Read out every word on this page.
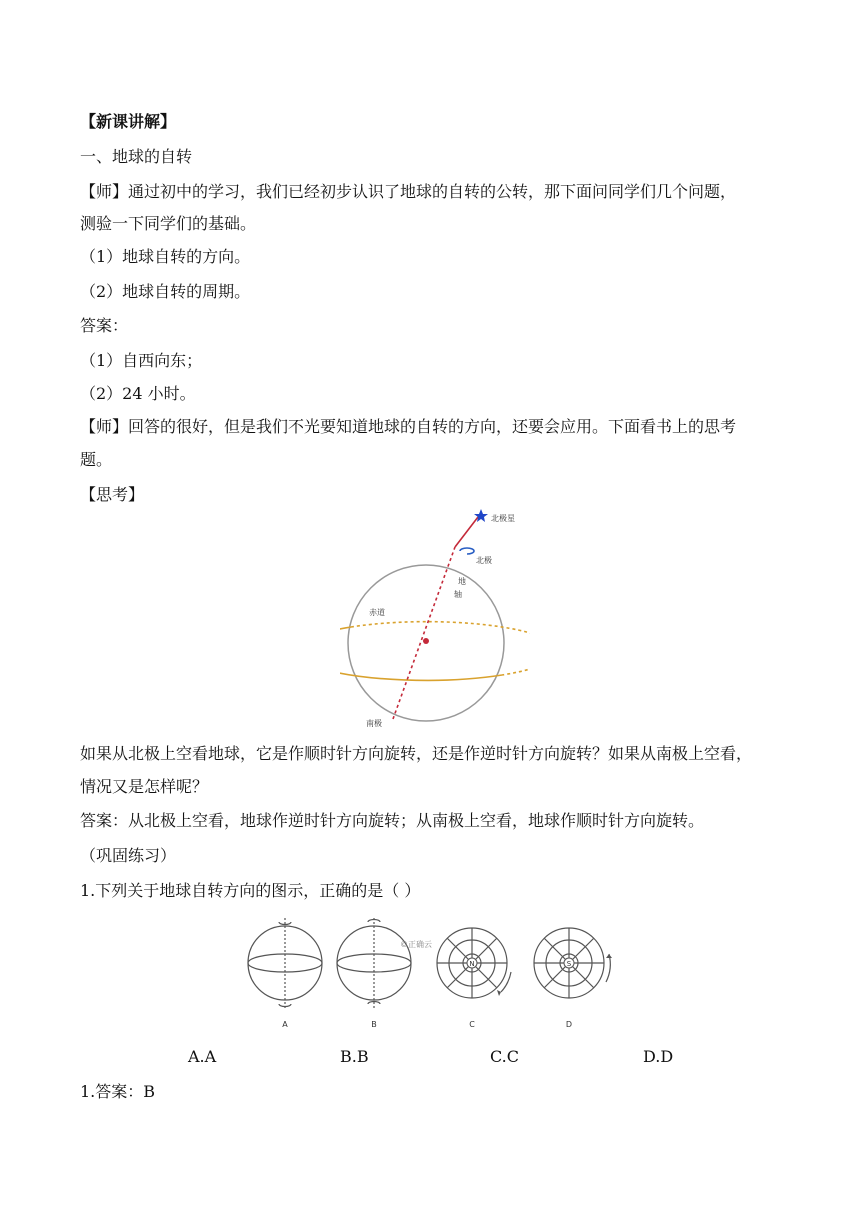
【新课讲解】
一、地球的自转
【师】通过初中的学习，我们已经初步认识了地球的自转的公转，那下面问同学们几个问题，
测验一下同学们的基础。
（1）地球自转的方向。
（2）地球自转的周期。
答案：
（1）自西向东；
（2）24 小时。
【师】回答的很好，但是我们不光要知道地球的自转的方向，还要会应用。下面看书上的思考
题。
【思考】
北极星
北极
地
轴
赤道
南极
如果从北极上空看地球，它是作顺时针方向旋转，还是作逆时针方向旋转？如果从南极上空看，
情况又是怎样呢？
答案：从北极上空看，地球作逆时针方向旋转；从南极上空看，地球作顺时针方向旋转。
（巩固练习）
1.下列关于地球自转方向的图示，正确的是（ ）
N	S
©正确云
A	B	C	D
A.A	B.B	C.C	D.D
1.答案：B
